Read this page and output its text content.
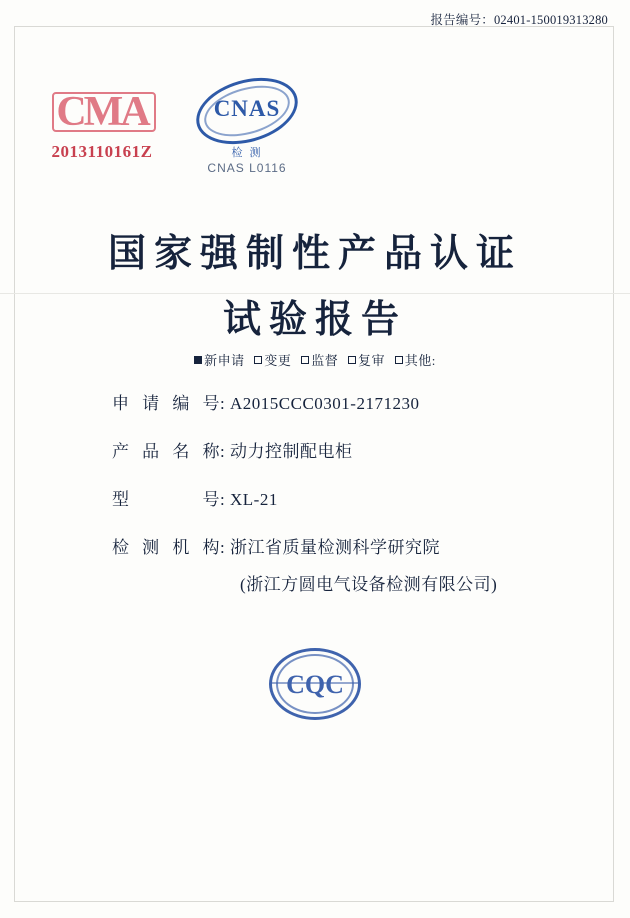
报告编号：02401-150019313280
CMA
2013110161Z
CNAS
检 测
CNAS L0116
国家强制性产品认证
试验报告
新申请 变更 监督 复审 其他:
申请编号 : A2015CCC0301-2171230
产品名称 : 动力控制配电柜
型号 : XL-21
检测机构 : 浙江省质量检测科学研究院
(浙江方圆电气设备检测有限公司)
CQC
